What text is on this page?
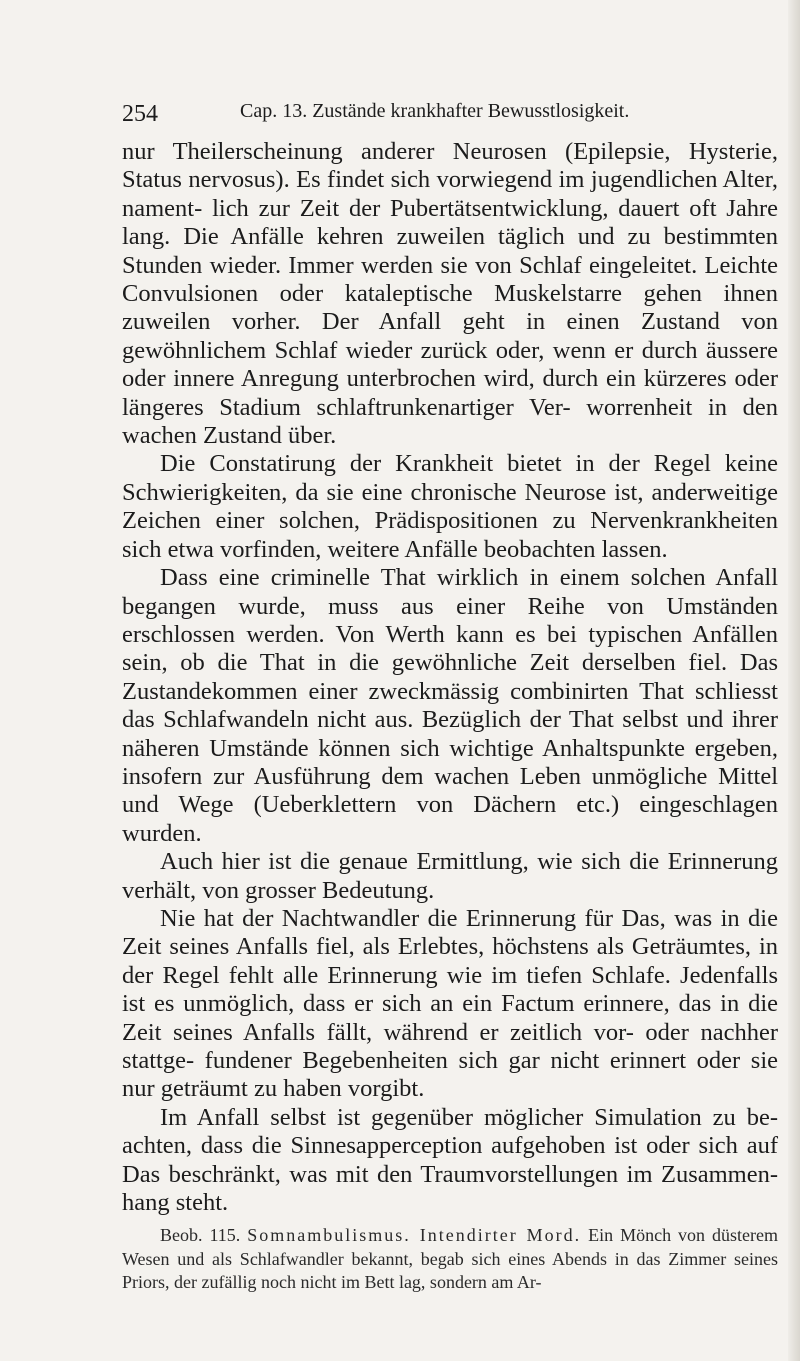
254	Cap. 13. Zustände krankhafter Bewusstlosigkeit.

nur Theilerscheinung anderer Neurosen (Epilepsie, Hysterie, Status nervosus). Es findet sich vorwiegend im jugendlichen Alter, nament- lich zur Zeit der Pubertätsentwicklung, dauert oft Jahre lang. Die Anfälle kehren zuweilen täglich und zu bestimmten Stunden wieder. Immer werden sie von Schlaf eingeleitet. Leichte Convulsionen oder kataleptische Muskelstarre gehen ihnen zuweilen vorher. Der Anfall geht in einen Zustand von gewöhnlichem Schlaf wieder zurück oder, wenn er durch äussere oder innere Anregung unterbrochen wird, durch ein kürzeres oder längeres Stadium schlaftrunkenartiger Ver- worrenheit in den wachen Zustand über.

Die Constatirung der Krankheit bietet in der Regel keine Schwierigkeiten, da sie eine chronische Neurose ist, anderweitige Zeichen einer solchen, Prädispositionen zu Nervenkrankheiten sich etwa vorfinden, weitere Anfälle beobachten lassen.

Dass eine criminelle That wirklich in einem solchen Anfall begangen wurde, muss aus einer Reihe von Umständen erschlossen werden. Von Werth kann es bei typischen Anfällen sein, ob die That in die gewöhnliche Zeit derselben fiel. Das Zustandekommen einer zweckmässig combinirten That schliesst das Schlafwandeln nicht aus. Bezüglich der That selbst und ihrer näheren Umstände können sich wichtige Anhaltspunkte ergeben, insofern zur Ausführung dem wachen Leben unmögliche Mittel und Wege (Ueberklettern von Dächern etc.) eingeschlagen wurden.

Auch hier ist die genaue Ermittlung, wie sich die Erinnerung verhält, von grosser Bedeutung.

Nie hat der Nachtwandler die Erinnerung für Das, was in die Zeit seines Anfalls fiel, als Erlebtes, höchstens als Geträumtes, in der Regel fehlt alle Erinnerung wie im tiefen Schlafe. Jedenfalls ist es unmöglich, dass er sich an ein Factum erinnere, das in die Zeit seines Anfalls fällt, während er zeitlich vor- oder nachher stattge- fundener Begebenheiten sich gar nicht erinnert oder sie nur geträumt zu haben vorgibt.

Im Anfall selbst ist gegenüber möglicher Simulation zu be- achten, dass die Sinnesapperception aufgehoben ist oder sich auf Das beschränkt, was mit den Traumvorstellungen im Zusammen- hang steht.

Beob. 115. Somnambulismus. Intendirter Mord. Ein Mönch von düsterem Wesen und als Schlafwandler bekannt, begab sich eines Abends in das Zimmer seines Priors, der zufällig noch nicht im Bett lag, sondern am Ar-
